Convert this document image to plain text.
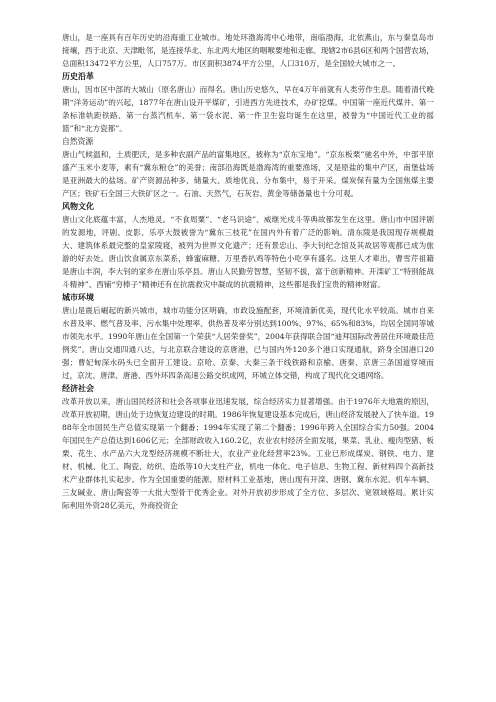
唐山，是一座具有百年历史的沿海重工业城市。地处环渤海湾中心地带，南临渤海，北依燕山，东与秦皇岛市接壤，西于北京、天津毗邻，是连接华北、东北两大地区的咽喉要地和走廊。现辖2市6县6区和两个国营农场，总面积13472平方公里，人口757万。市区面积3874平方公里，人口310万，是全国较大城市之一。

历史沿革

唐山，因市区中部的大城山（原名唐山）而得名。唐山历史悠久，早在4万年前就有人类劳作生息。随着清代晚期“洋务运动”的兴起，1877年在唐山设开平煤矿，引进西方先进技术，办矿挖煤。中国第一座近代煤井、第一条标准轨距铁路、第一台蒸汽机车、第一袋水泥、第一件卫生瓷均诞生在这里，被誉为“中国近代工业的摇篮”和“北方瓷都”。

自然资源

唐山气候温和，土质肥沃，是多种农副产品的富集地区，被称为“京东宝地”。“京东板栗”驰名中外，中部平原盛产玉米小麦等，素有“冀东粮仓”的美誉；南部沿海既是渤海湾的重要渔场，又是原盐的集中产区，南堡盐场是亚洲最大的盐场。矿产资源品种多、储量大、质地优良、分布集中，易于开采。煤炭保有量为全国焦煤主要产区；铁矿石全国三大铁矿区之一。石油、天然气，石灰岩、黄金等储备量也十分可观。

风物文化

唐山文化底蕴丰富，人杰地灵。“不食周粟”、“老马识途”、威继光戍斗等典故都发生在这里。唐山市中国评剧的发源地，评剧、皮影、乐亭大鼓被誉为“冀东三枝花”在国内外有着广泛的影响。清东陵是我国现存规模最大、建筑体系最完整的皇家陵寝，被列为世界文化遗产；还有景忠山、李大钊纪念馆及其故居等观都已成为旅游的好去处。唐山饮食属京东菜系，蜂蜜麻糖、万里香扒鸡等特色小吃享有盛名。这里人才辈出，曹雪芹祖籍是唐山丰润，李大钊的家乡在唐山乐亭县。唐山人民勤劳智慧，坚韧不拔，富于创新精神。开滦矿工“特别能战斗精神”、西铺“穷棒子”精神还有在抗震救灾中凝成的抗震精神，这些都是我们宝贵的精神财富。

城市环境

唐山是震后崛起的新兴城市，城市功能分区明确，市政设施配套，环境清新优美，现代化水平较高。城市自来水普及率、燃气普及率、污水集中处理率、供热普及率分别达到100%、97%、65%和83%，均居全国同等城市领先水平。1990年唐山在全国第一个荣获“人居荣誉奖”，2004年获得联合国“迪拜国际改善居住环境最佳范例奖”。唐山交通四通八达，与北京联合建设的京唐港，已与国内外120多个港口实现通航，跻身全国港口20强；曹妃甸深水码头已全面开工建设。京哈、京秦、大秦三条干线铁路和京榆、唐秦、京唐三条国道穿境而过，京沈、唐津、唐港、西外环四条高速公路交织成网，环城立体交错，构成了现代化交通网络。

经济社会

改革开放以来，唐山国民经济和社会各项事业迅速发展，综合经济实力显著增强。由于1976年大地震的原因，改革开放初期，唐山处于边恢复边建设的时期。1986年恢复建设基本完成后，唐山经济发展驶入了快车道。1988年全市国民生产总值实现第一个翻番；1994年实现了第二个翻番；1996年跨入全国综合实力50强。2004年国民生产总值达到1606亿元；全部财政收入160.2亿，农业农村经济全面发展，果菜、乳业、瘦肉型猪、板栗、花生、水产品六大龙型经济规模不断壮大，农业产业化经营率23%。工业已形成煤炭、钢铁、电力、建材、机械、化工、陶瓷、纺织、造纸等10大支柱产业，机电一体化、电子信息、生物工程、新材料四个高新技术产业群体扎实起步。作为全国重要的能源、原材料工业基地，唐山现有开滦、唐钢、冀东水泥、机车车辆、三友碱业、唐山陶瓷等一大批大型骨干优秀企业。对外开放初步形成了全方位、多层次、宽领域格局。累计实际利用外资28亿美元，外商投资企
